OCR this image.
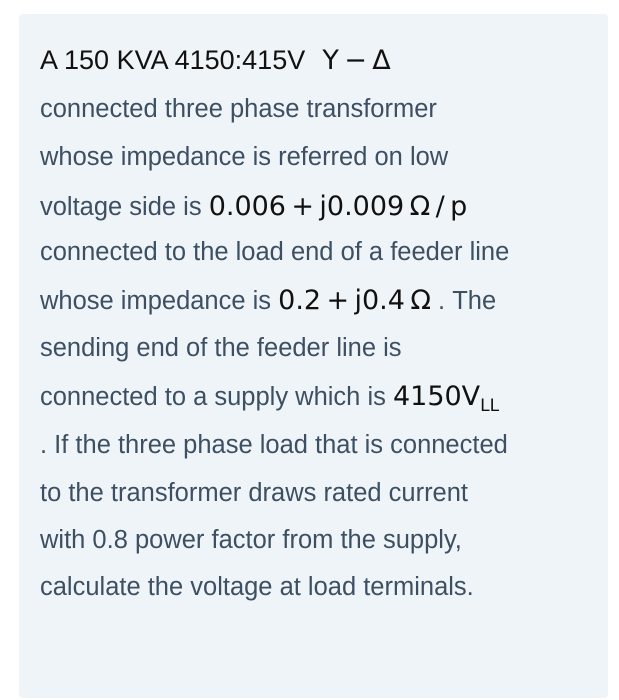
A 150 KVA 4150:415V Y − Δ
connected three phase transformer
whose impedance is referred on low
voltage side is 0.006 + j0.009 Ω / p
connected to the load end of a feeder line
whose impedance is 0.2 + j0.4 Ω . The
sending end of the feeder line is
connected to a supply which is $4150V_{LL}$
. If the three phase load that is connected
to the transformer draws rated current
with 0.8 power factor from the supply,
calculate the voltage at load terminals.
